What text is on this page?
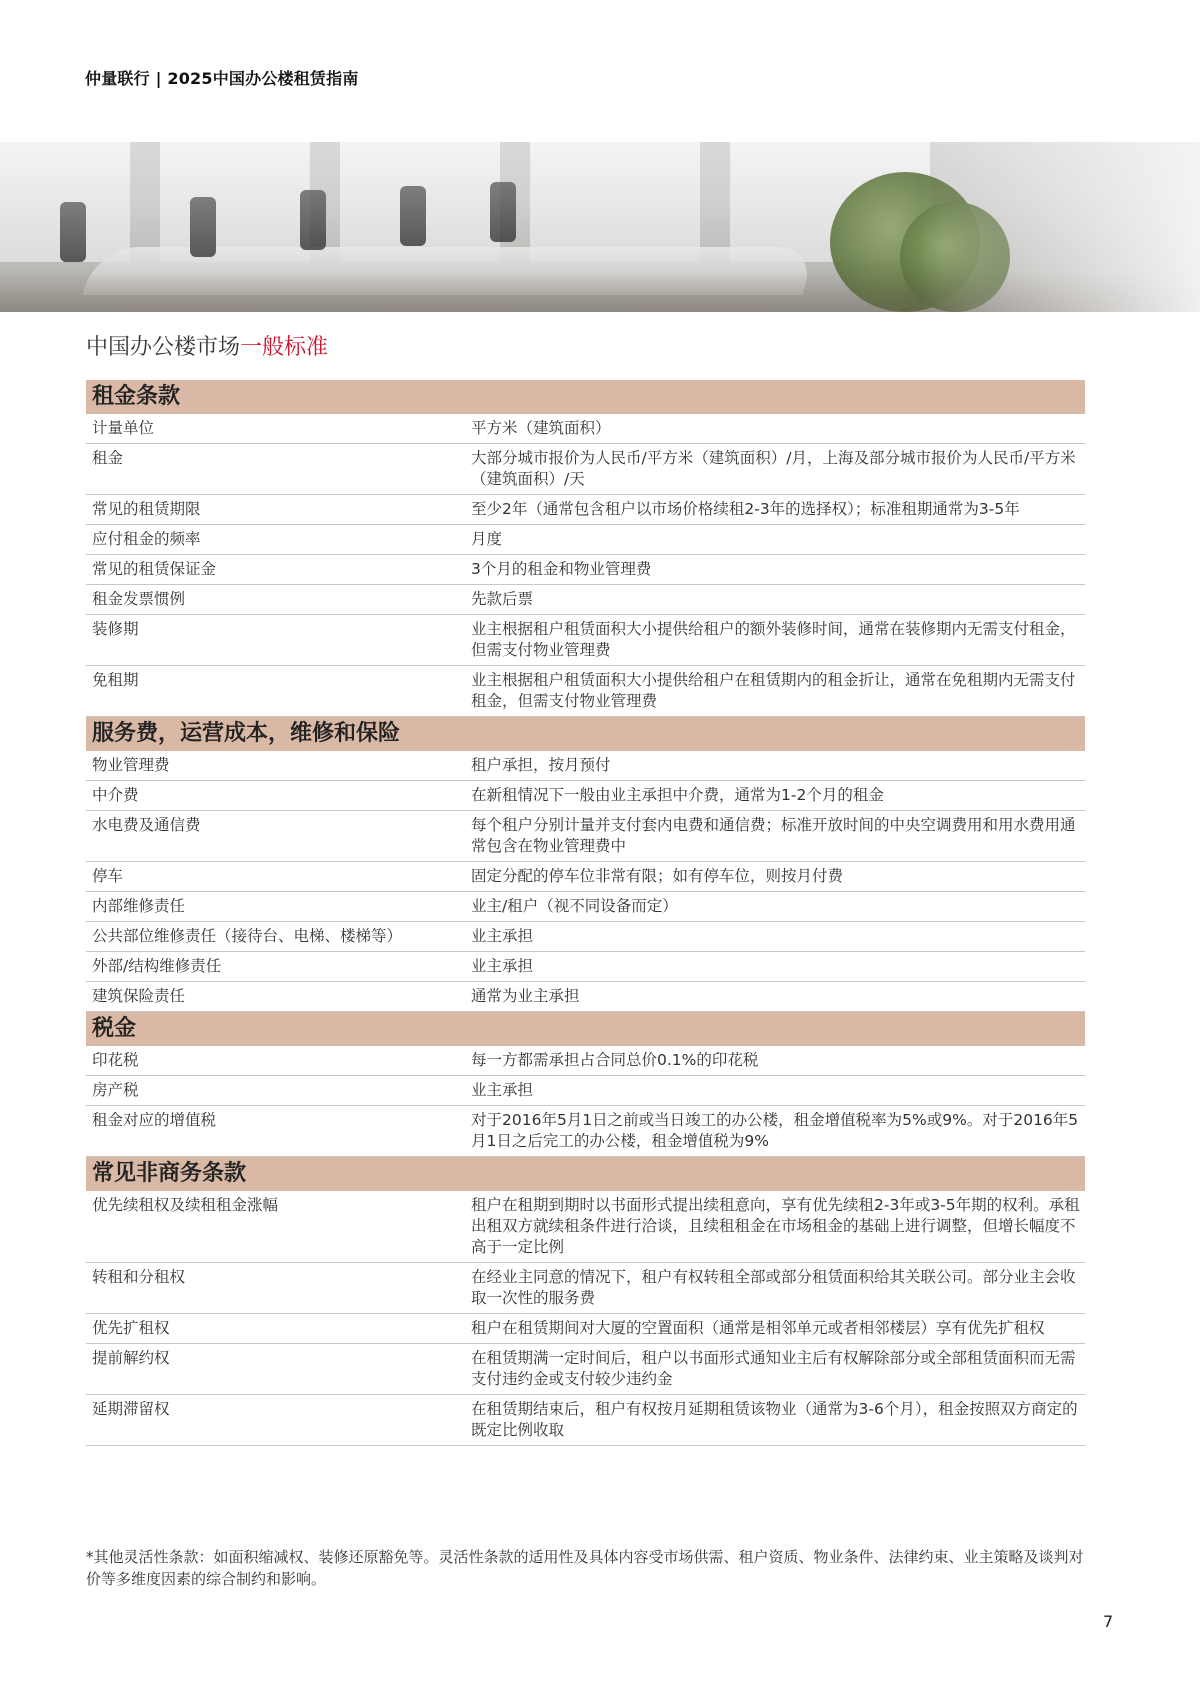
仲量联行 | 2025中国办公楼租赁指南
中国办公楼市场一般标准
租金条款
计量单位	平方米（建筑面积）
租金	大部分城市报价为人民币/平方米（建筑面积）/月，上海及部分城市报价为人民币/平方米（建筑面积）/天
常见的租赁期限	至少2年（通常包含租户以市场价格续租2-3年的选择权）；标准租期通常为3-5年
应付租金的频率	月度
常见的租赁保证金	3个月的租金和物业管理费
租金发票惯例	先款后票
装修期	业主根据租户租赁面积大小提供给租户的额外装修时间，通常在装修期内无需支付租金，但需支付物业管理费
免租期	业主根据租户租赁面积大小提供给租户在租赁期内的租金折让，通常在免租期内无需支付租金，但需支付物业管理费
服务费，运营成本，维修和保险
物业管理费	租户承担，按月预付
中介费	在新租情况下一般由业主承担中介费，通常为1-2个月的租金
水电费及通信费	每个租户分别计量并支付套内电费和通信费；标准开放时间的中央空调费用和用水费用通常包含在物业管理费中
停车	固定分配的停车位非常有限；如有停车位，则按月付费
内部维修责任	业主/租户（视不同设备而定）
公共部位维修责任（接待台、电梯、楼梯等）	业主承担
外部/结构维修责任	业主承担
建筑保险责任	通常为业主承担
税金
印花税	每一方都需承担占合同总价0.1%的印花税
房产税	业主承担
租金对应的增值税	对于2016年5月1日之前或当日竣工的办公楼，租金增值税率为5%或9%。对于2016年5月1日之后完工的办公楼，租金增值税为9%
常见非商务条款
优先续租权及续租租金涨幅	租户在租期到期时以书面形式提出续租意向，享有优先续租2-3年或3-5年期的权利。承租出租双方就续租条件进行洽谈，且续租租金在市场租金的基础上进行调整，但增长幅度不高于一定比例
转租和分租权	在经业主同意的情况下，租户有权转租全部或部分租赁面积给其关联公司。部分业主会收取一次性的服务费
优先扩租权	租户在租赁期间对大厦的空置面积（通常是相邻单元或者相邻楼层）享有优先扩租权
提前解约权	在租赁期满一定时间后，租户以书面形式通知业主后有权解除部分或全部租赁面积而无需支付违约金或支付较少违约金
延期滞留权	在租赁期结束后，租户有权按月延期租赁该物业（通常为3-6个月），租金按照双方商定的既定比例收取
*其他灵活性条款：如面积缩减权、装修还原豁免等。灵活性条款的适用性及具体内容受市场供需、租户资质、物业条件、法律约束、业主策略及谈判对价等多维度因素的综合制约和影响。
7
